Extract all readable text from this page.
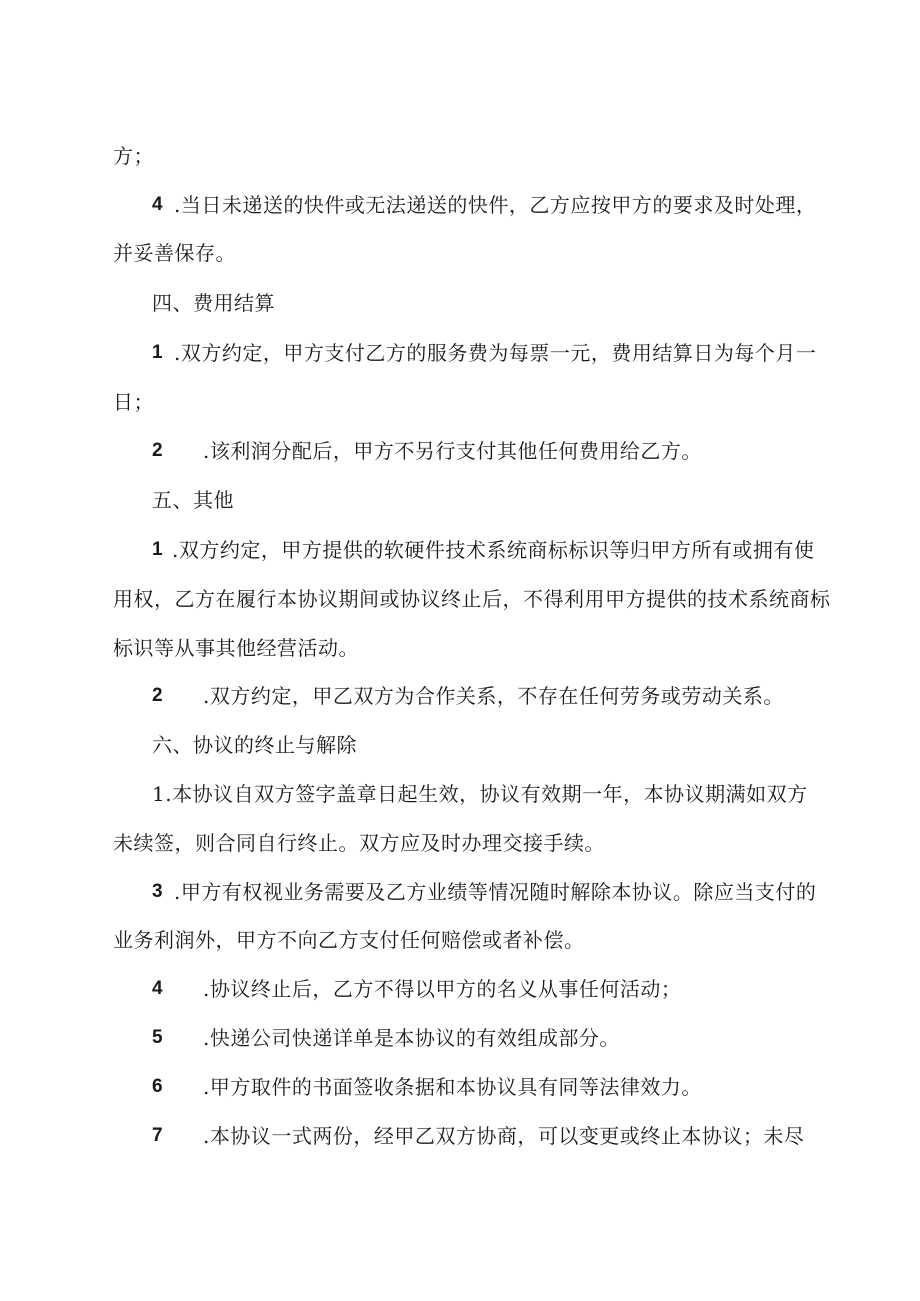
方；
4 .当日未递送的快件或无法递送的快件，乙方应按甲方的要求及时处理，
并妥善保存。
四、费用结算
1 .双方约定，甲方支付乙方的服务费为每票一元，费用结算日为每个月一
日；
2 .该利润分配后，甲方不另行支付其他任何费用给乙方。
五、其他
1 .双方约定，甲方提供的软硬件技术系统商标标识等归甲方所有或拥有使
用权，乙方在履行本协议期间或协议终止后，不得利用甲方提供的技术系统商标
标识等从事其他经营活动。
2 .双方约定，甲乙双方为合作关系，不存在任何劳务或劳动关系。
六、协议的终止与解除
1.本协议自双方签字盖章日起生效，协议有效期一年，本协议期满如双方
未续签，则合同自行终止。双方应及时办理交接手续。
3 .甲方有权视业务需要及乙方业绩等情况随时解除本协议。除应当支付的
业务利润外，甲方不向乙方支付任何赔偿或者补偿。
4 .协议终止后，乙方不得以甲方的名义从事任何活动；
5 .快递公司快递详单是本协议的有效组成部分。
6 .甲方取件的书面签收条据和本协议具有同等法律效力。
7 .本协议一式两份，经甲乙双方协商，可以变更或终止本协议；未尽
